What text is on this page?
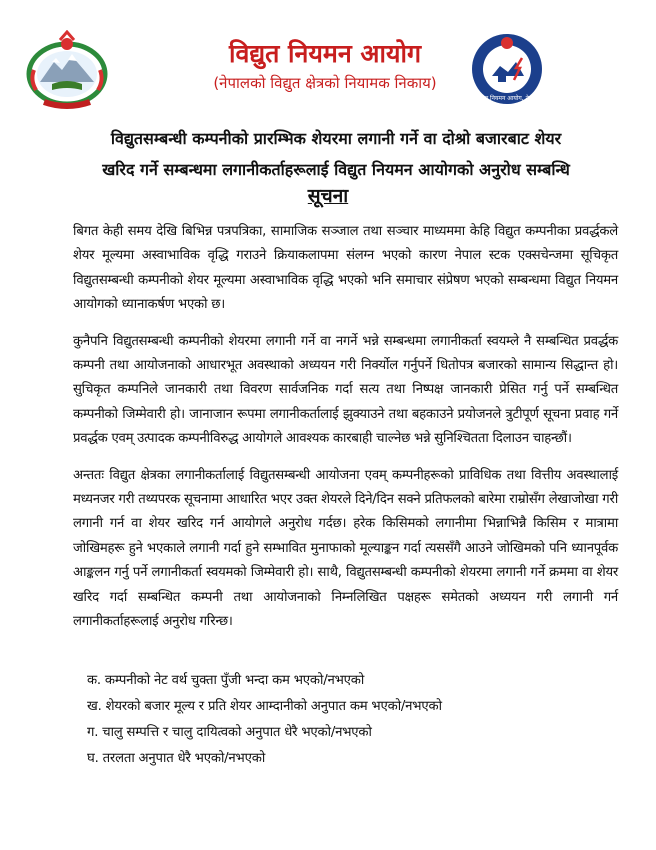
विद्युत नियमन आयोग
(नेपालको विद्युत क्षेत्रको नियामक निकाय)
विद्युत नियमन आयोग, नेपाल
विद्युतसम्बन्धी कम्पनीको प्रारम्भिक शेयरमा लगानी गर्ने वा दोश्रो बजारबाट शेयर
खरिद गर्ने सम्बन्धमा लगानीकर्ताहरूलाई विद्युत नियमन आयोगको अनुरोध सम्बन्धि
सूचना

बिगत केही समय देखि बिभिन्न पत्रपत्रिका, सामाजिक सञ्जाल तथा सञ्चार माध्यममा केहि विद्युत कम्पनीका प्रवर्द्धकले शेयर मूल्यमा अस्वाभाविक वृद्धि गराउने क्रियाकलापमा संलग्न भएको कारण नेपाल स्टक एक्सचेन्जमा सूचिकृत विद्युतसम्बन्धी कम्पनीको शेयर मूल्यमा अस्वाभाविक वृद्धि भएको भनि समाचार संप्रेषण भएको सम्बन्धमा विद्युत नियमन आयोगको ध्यानाकर्षण भएको छ।

कुनैपनि विद्युतसम्बन्धी कम्पनीको शेयरमा लगानी गर्ने वा नगर्ने भन्ने सम्बन्धमा लगानीकर्ता स्वयम्ले नै सम्बन्धित प्रवर्द्धक कम्पनी तथा आयोजनाको आधारभूत अवस्थाको अध्ययन गरी निर्क्योल गर्नुपर्ने धितोपत्र बजारको सामान्य सिद्धान्त हो। सुचिकृत कम्पनिले जानकारी तथा विवरण सार्वजनिक गर्दा सत्य तथा निष्पक्ष जानकारी प्रेसित गर्नु पर्ने सम्बन्धित कम्पनीको जिम्मेवारी हो। जानाजान रूपमा लगानीकर्तालाई झुक्याउने तथा बहकाउने प्रयोजनले त्रुटीपूर्ण सूचना प्रवाह गर्ने प्रवर्द्धक एवम् उत्पादक कम्पनीविरुद्ध आयोगले आवश्यक कारबाही चाल्नेछ भन्ने सुनिश्चितता दिलाउन चाहन्छौं।

अन्ततः विद्युत क्षेत्रका लगानीकर्तालाई विद्युतसम्बन्धी आयोजना एवम् कम्पनीहरूको प्राविधिक तथा वित्तीय अवस्थालाई मध्यनजर गरी तथ्यपरक सूचनामा आधारित भएर उक्त शेयरले दिने/दिन सक्ने प्रतिफलको बारेमा राम्रोसँग लेखाजोखा गरी लगानी गर्न वा शेयर खरिद गर्न आयोगले अनुरोध गर्दछ। हरेक किसिमको लगानीमा भिन्नाभिन्नै किसिम र मात्रामा जोखिमहरू हुने भएकाले लगानी गर्दा हुने सम्भावित मुनाफाको मूल्याङ्कन गर्दा त्यससँगै आउने जोखिमको पनि ध्यानपूर्वक आङ्कलन गर्नु पर्ने लगानीकर्ता स्वयमको जिम्मेवारी हो। साथै, विद्युतसम्बन्धी कम्पनीको शेयरमा लगानी गर्ने क्रममा वा शेयर खरिद गर्दा सम्बन्धित कम्पनी तथा आयोजनाको निम्नलिखित पक्षहरू समेतको अध्ययन गरी लगानी गर्न लगानीकर्ताहरूलाई अनुरोध गरिन्छ।

क. कम्पनीको नेट वर्थ चुक्ता पुँजी भन्दा कम भएको/नभएको
ख. शेयरको बजार मूल्य र प्रति शेयर आम्दानीको अनुपात कम भएको/नभएको
ग. चालु सम्पत्ति र चालु दायित्वको अनुपात धेरै भएको/नभएको
घ. तरलता अनुपात धेरै भएको/नभएको
